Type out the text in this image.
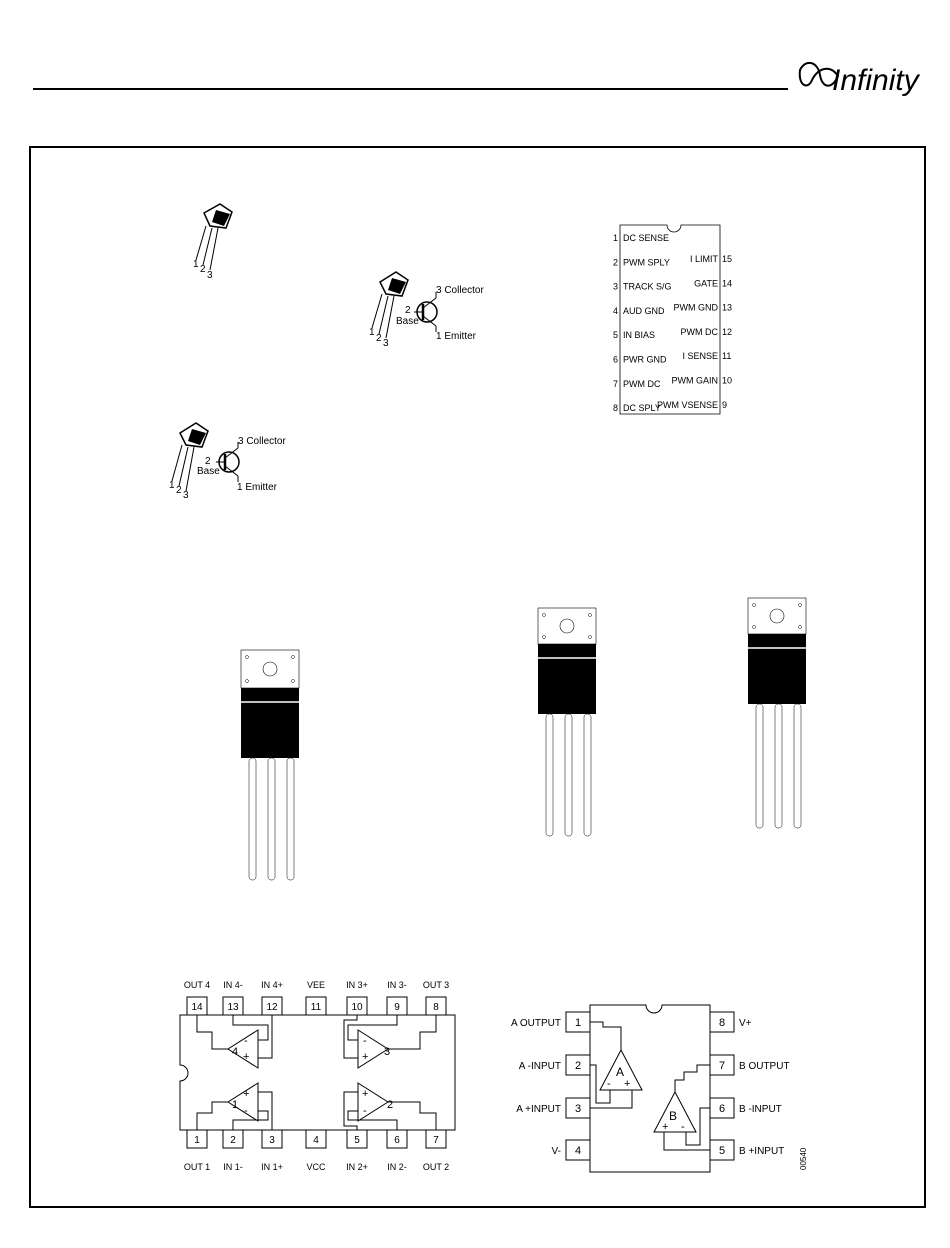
Infinity
1 2
3
1
2 3
3 Collector
2
Base
1 Emitter
1 2 3
3 Collector
2
Base
1 Emitter
1 DC SENSE
2 PWM SPLY
3 TRACK S/G
4 AUD GND
5 IN BIAS
6 PWR GND
7 PWM DC
8 DC SPLY
I LIMIT 15
GATE 14
PWM GND 13
PWM DC 12
I SENSE 11
PWM GAIN 10
PWM VSENSE 9
14
OUT 4
1
OUT 1
13
IN 4-
2
IN 1-
12
IN 4+
3
IN 1+
11
VEE
4
VCC
10
IN 3+
5
IN 2+
9
IN 3-
6
IN 2-
8
OUT 3
7
OUT 2
4
-
+	3
-
+
1
+
-	2
+
-
1
A OUTPUT	8 V+
2
A -INPUT	7 B OUTPUT
3
A +INPUT	6 B -INPUT
4
V-	5 B +INPUT
A
- +
B
+ -
00540
